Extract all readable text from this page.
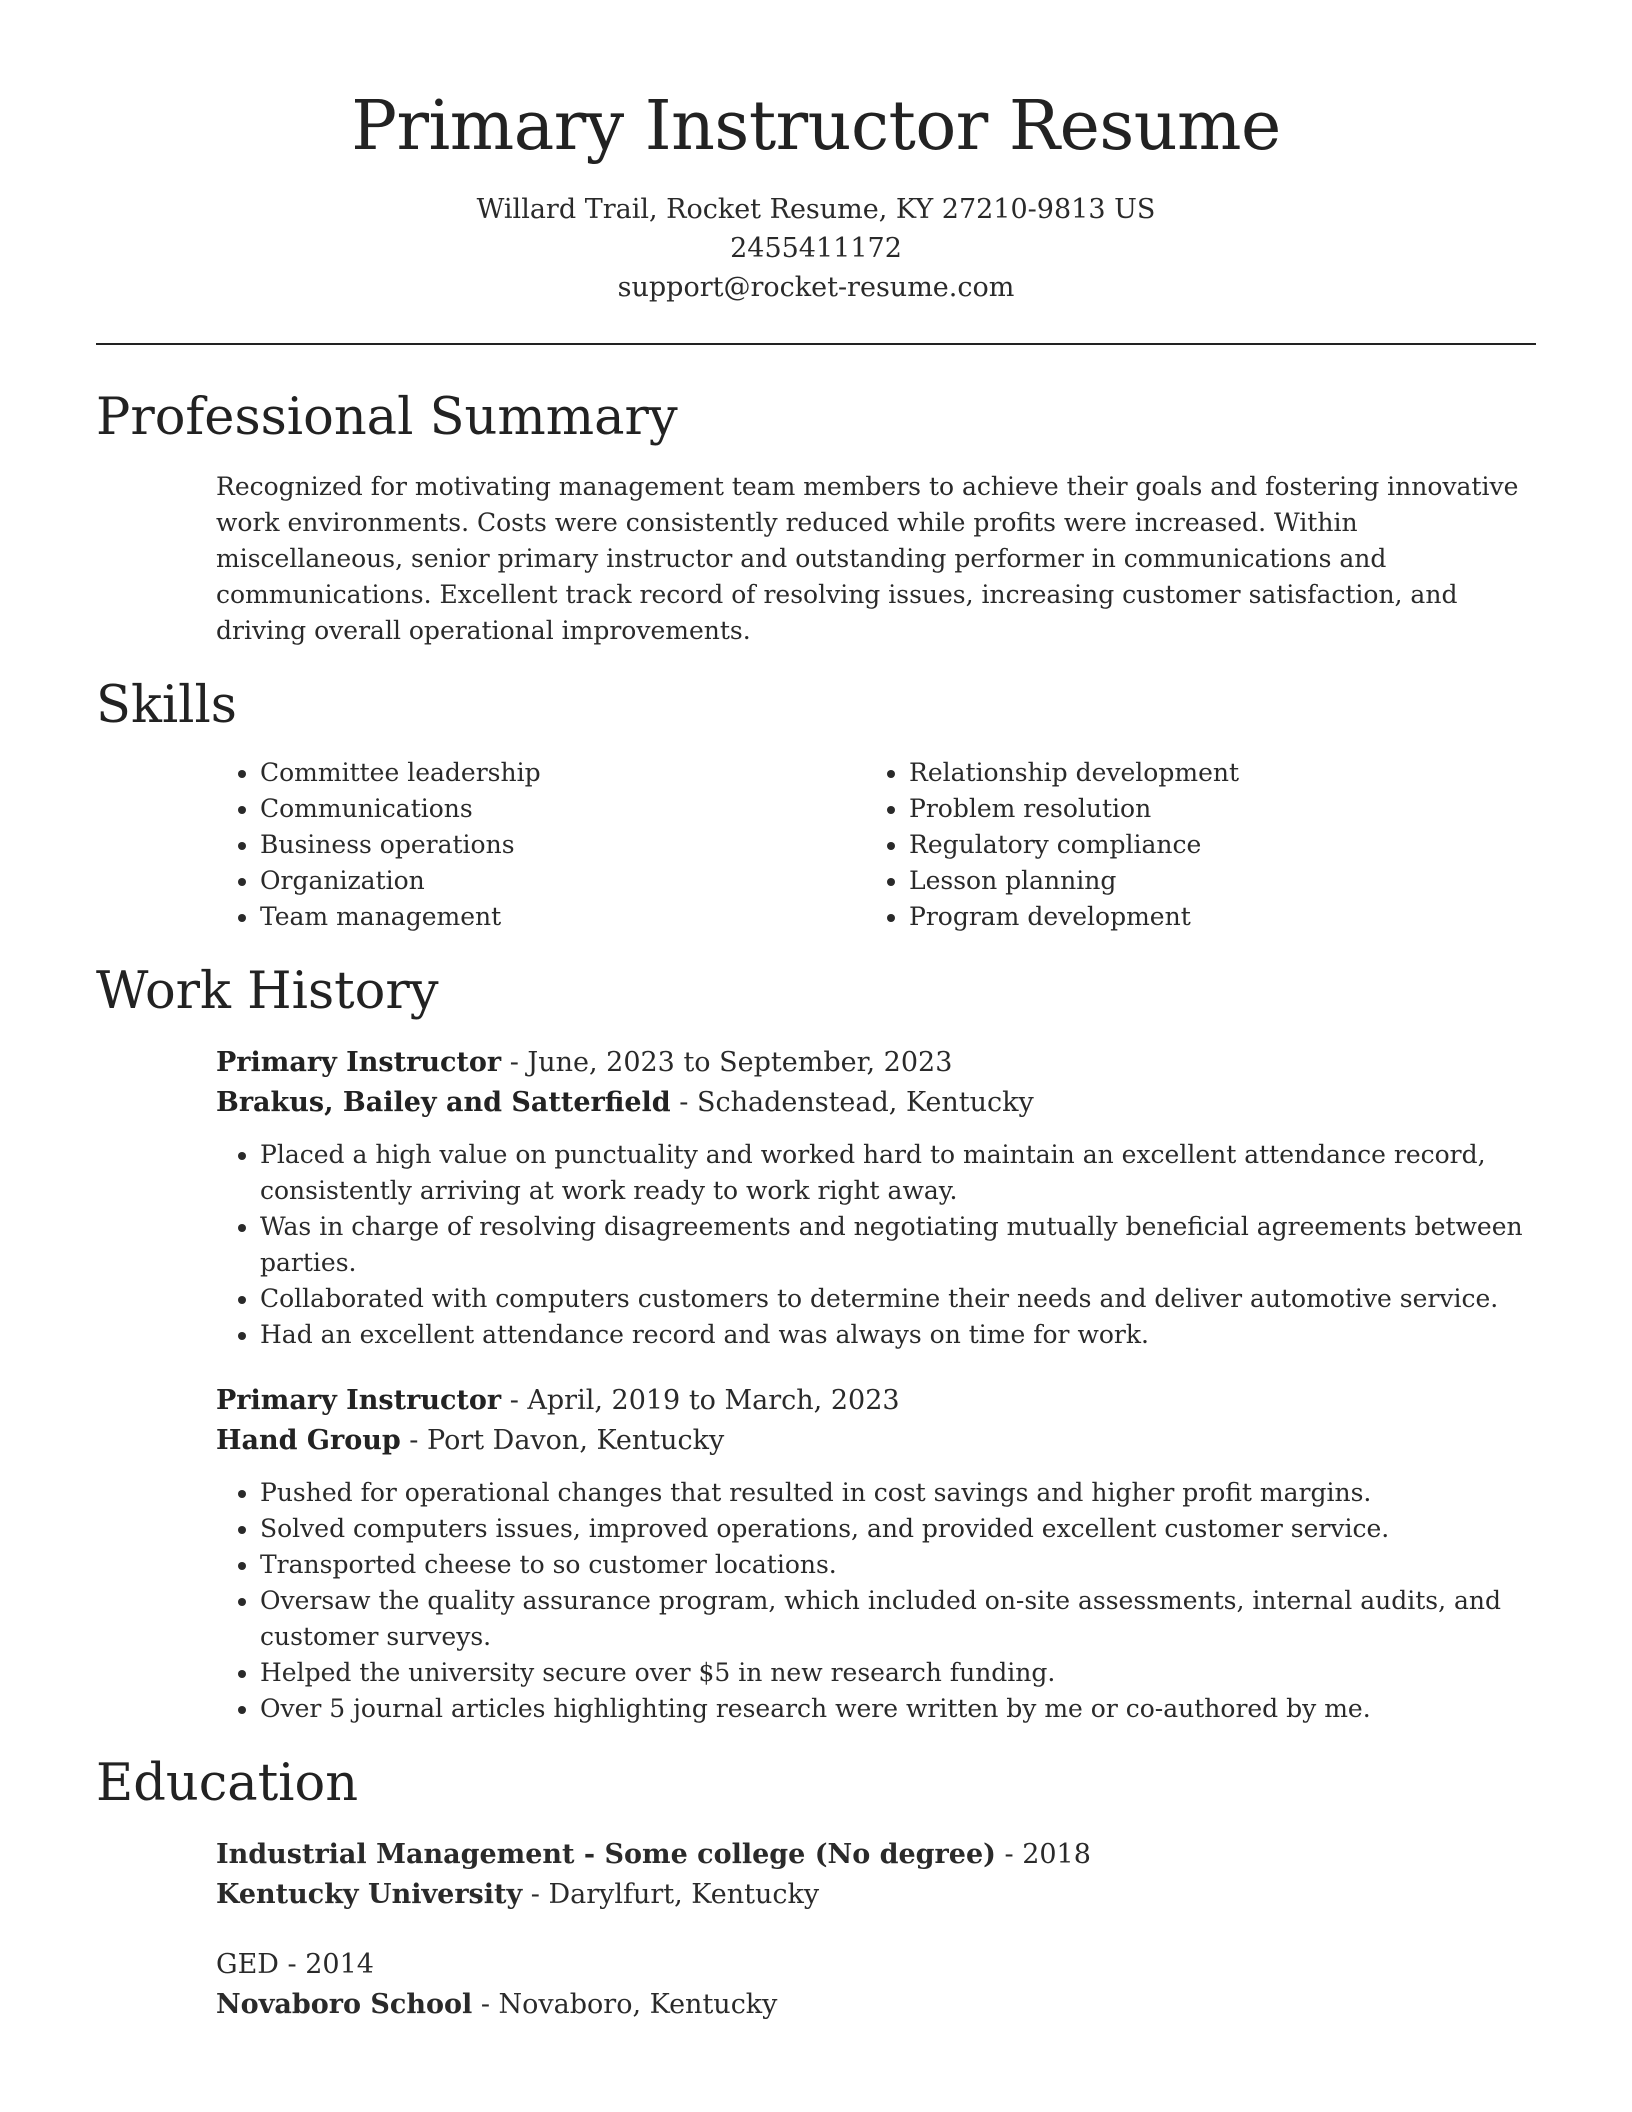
Primary Instructor Resume
Willard Trail, Rocket Resume, KY 27210-9813 US
2455411172
support@rocket-resume.com
Professional Summary

Recognized for motivating management team members to achieve their goals and fostering innovative work environments. Costs were consistently reduced while profits were increased. Within miscellaneous, senior primary instructor and outstanding performer in communications and communications. Excellent track record of resolving issues, increasing customer satisfaction, and driving overall operational improvements.

Skills
• Committee leadership
• Communications
• Business operations
• Organization
• Team management
• Relationship development
• Problem resolution
• Regulatory compliance
• Lesson planning
• Program development
Work History
Primary Instructor - June, 2023 to September, 2023
Brakus, Bailey and Satterfield - Schadenstead, Kentucky
• Placed a high value on punctuality and worked hard to maintain an excellent attendance record, consistently arriving at work ready to work right away.
• Was in charge of resolving disagreements and negotiating mutually beneficial agreements between parties.
• Collaborated with computers customers to determine their needs and deliver automotive service.
• Had an excellent attendance record and was always on time for work.
Primary Instructor - April, 2019 to March, 2023
Hand Group - Port Davon, Kentucky
• Pushed for operational changes that resulted in cost savings and higher profit margins.
• Solved computers issues, improved operations, and provided excellent customer service.
• Transported cheese to so customer locations.
• Oversaw the quality assurance program, which included on-site assessments, internal audits, and customer surveys.
• Helped the university secure over $5 in new research funding.
• Over 5 journal articles highlighting research were written by me or co-authored by me.
Education
Industrial Management - Some college (No degree) - 2018
Kentucky University - Darylfurt, Kentucky
GED - 2014
Novaboro School - Novaboro, Kentucky
